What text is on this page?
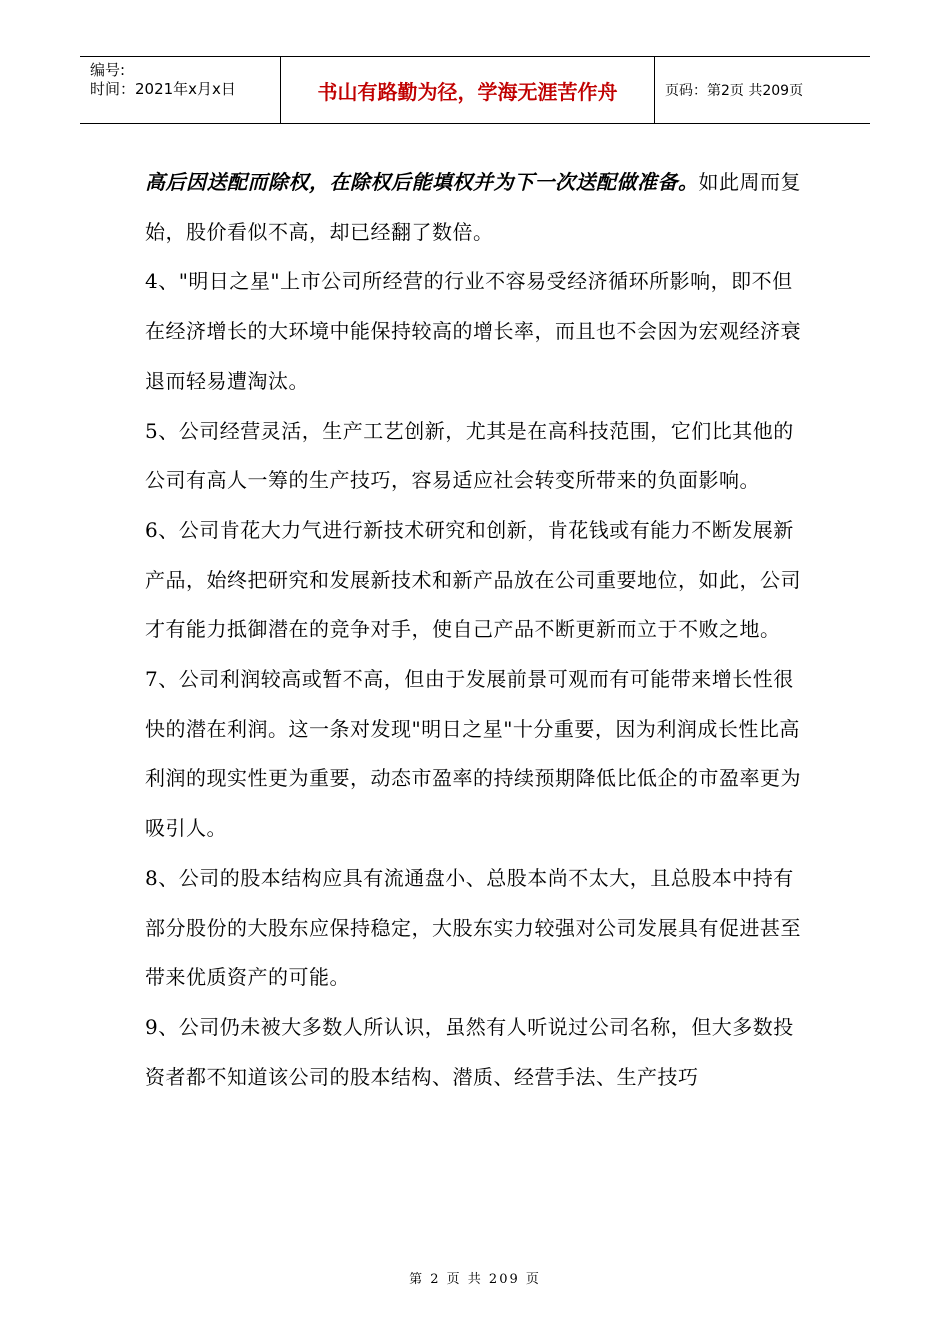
编号:
时间：2021年x月x日	书山有路勤为径，学海无涯苦作舟	页码：第2页 共209页

高后因送配而除权，在除权后能填权并为下一次送配做准备。如此周而复始，股价看似不高，却已经翻了数倍。

4、"明日之星"上市公司所经营的行业不容易受经济循环所影响，即不但在经济增长的大环境中能保持较高的增长率，而且也不会因为宏观经济衰退而轻易遭淘汰。

5、公司经营灵活，生产工艺创新，尤其是在高科技范围，它们比其他的公司有高人一筹的生产技巧，容易适应社会转变所带来的负面影响。

6、公司肯花大力气进行新技术研究和创新，肯花钱或有能力不断发展新产品，始终把研究和发展新技术和新产品放在公司重要地位，如此，公司才有能力抵御潜在的竞争对手，使自己产品不断更新而立于不败之地。

7、公司利润较高或暂不高，但由于发展前景可观而有可能带来增长性很快的潜在利润。这一条对发现"明日之星"十分重要，因为利润成长性比高利润的现实性更为重要，动态市盈率的持续预期降低比低企的市盈率更为吸引人。

8、公司的股本结构应具有流通盘小、总股本尚不太大，且总股本中持有部分股份的大股东应保持稳定，大股东实力较强对公司发展具有促进甚至带来优质资产的可能。

9、公司仍未被大多数人所认识，虽然有人听说过公司名称，但大多数投资者都不知道该公司的股本结构、潜质、经营手法、生产技巧

第 2 页 共 209 页
